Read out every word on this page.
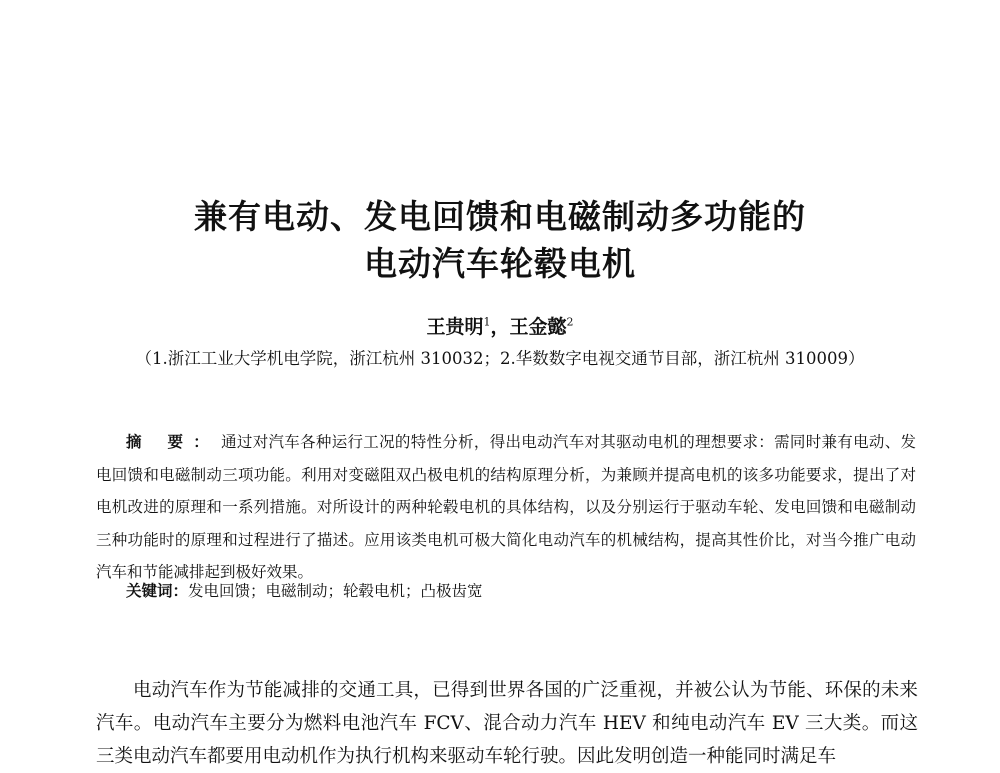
兼有电动、发电回馈和电磁制动多功能的
电动汽车轮毂电机
王贵明$^1$，王金懿$^2$
（1.浙江工业大学机电学院，浙江杭州 310032；2.华数数字电视交通节目部，浙江杭州 310009）
摘 要： 通过对汽车各种运行工况的特性分析，得出电动汽车对其驱动电机的理想要求：需同时兼有电动、发电回馈和电磁制动三项功能。利用对变磁阻双凸极电机的结构原理分析，为兼顾并提高电机的该多功能要求，提出了对电机改进的原理和一系列措施。对所设计的两种轮毂电机的具体结构，以及分别运行于驱动车轮、发电回馈和电磁制动三种功能时的原理和过程进行了描述。应用该类电机可极大简化电动汽车的机械结构，提高其性价比，对当今推广电动汽车和节能减排起到极好效果。
关键词：发电回馈；电磁制动；轮毂电机；凸极齿宽
电动汽车作为节能减排的交通工具，已得到世界各国的广泛重视，并被公认为节能、环保的未来汽车。电动汽车主要分为燃料电池汽车 FCV、混合动力汽车 HEV 和纯电动汽车 EV 三大类。而这三类电动汽车都要用电动机作为执行机构来驱动车轮行驶。因此发明创造一种能同时满足车
